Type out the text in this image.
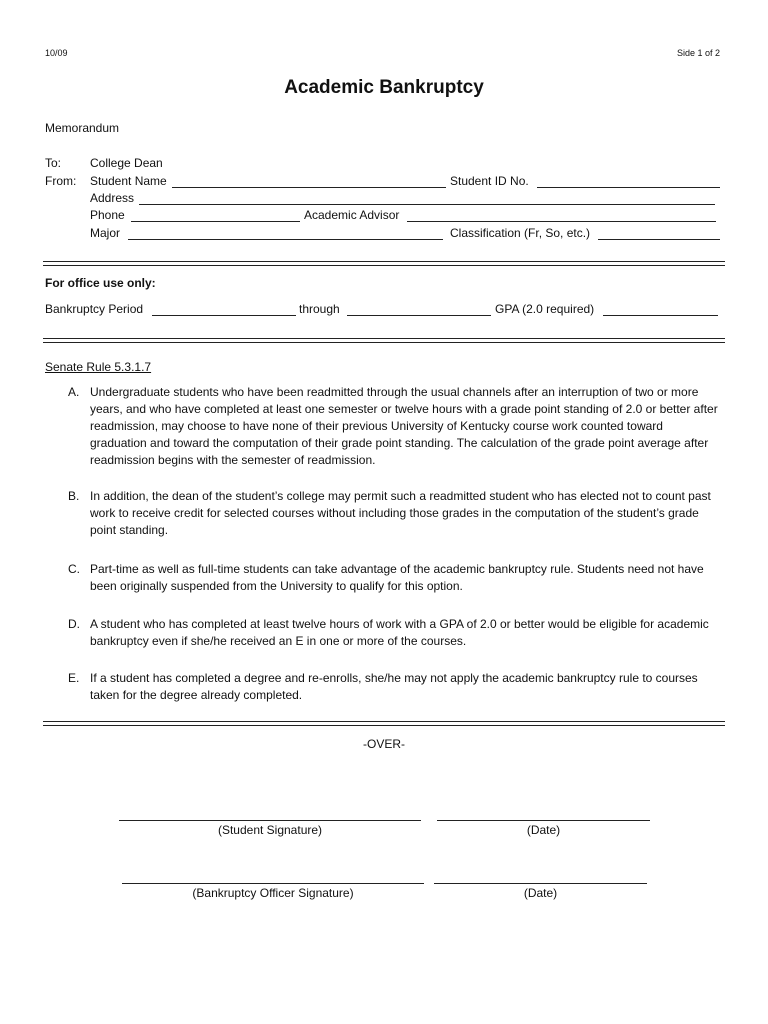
10/09	Side 1 of 2
Academic Bankruptcy
Memorandum
To: College Dean
From: Student Name	Student ID No.
Address
Phone	Academic Advisor
Major	Classification (Fr, So, etc.)
For office use only:
Bankruptcy Period	through	GPA (2.0 required)
Senate Rule 5.3.1.7
A. Undergraduate students who have been readmitted through the usual channels after an interruption of two or more years, and who have completed at least one semester or twelve hours with a grade point standing of 2.0 or better after readmission, may choose to have none of their previous University of Kentucky course work counted toward graduation and toward the computation of their grade point standing. The calculation of the grade point average after readmission begins with the semester of readmission.
B. In addition, the dean of the student’s college may permit such a readmitted student who has elected not to count past work to receive credit for selected courses without including those grades in the computation of the student’s grade point standing.
C. Part-time as well as full-time students can take advantage of the academic bankruptcy rule. Students need not have been originally suspended from the University to qualify for this option.
D. A student who has completed at least twelve hours of work with a GPA of 2.0 or better would be eligible for academic bankruptcy even if she/he received an E in one or more of the courses.
E. If a student has completed a degree and re-enrolls, she/he may not apply the academic bankruptcy rule to courses taken for the degree already completed.
-OVER-
(Student Signature)	(Date)
(Bankruptcy Officer Signature)	(Date)
